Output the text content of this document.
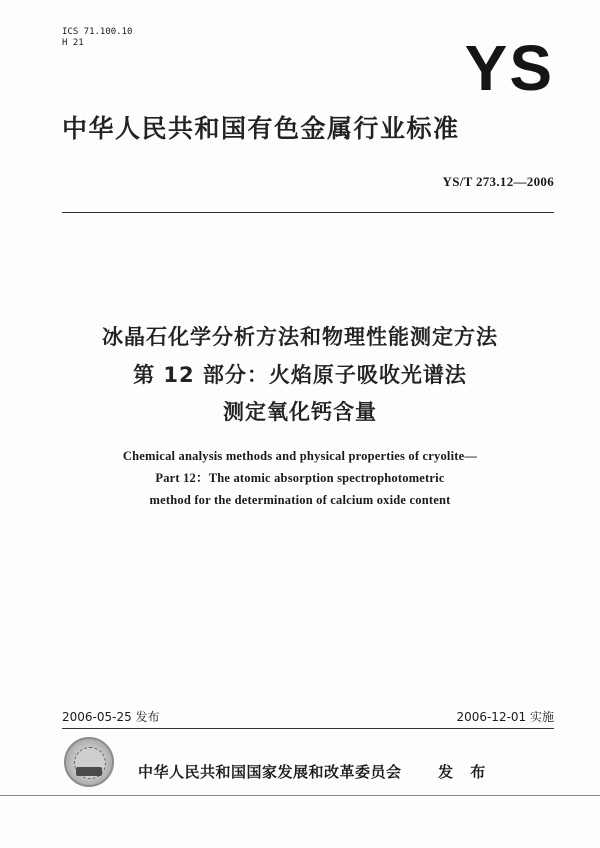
ICS 71.100.10
H 21	YS
中华人民共和国有色金属行业标准
YS/T 273.12—2006
冰晶石化学分析方法和物理性能测定方法
第 12 部分：火焰原子吸收光谱法
测定氧化钙含量
Chemical analysis methods and physical properties of cryolite—
Part 12：The atomic absorption spectrophotometric
method for the determination of calcium oxide content
2006-05-25 发布	2006-12-01 实施
中华人民共和国国家发展和改革委员会 发 布
